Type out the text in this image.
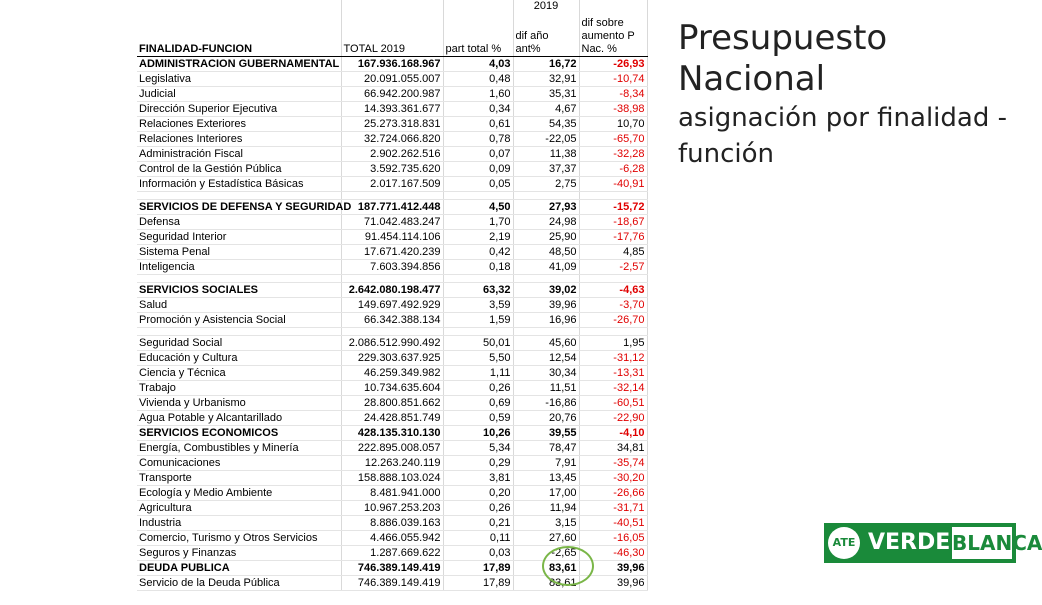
Presupuesto Nacional
asignación por finalidad -
función
			2019	
FINALIDAD-FUNCION	TOTAL 2019	part total %	dif año ant%	dif sobre aumento P Nac. %
ADMINISTRACION GUBERNAMENTAL	167.936.168.967	4,03	16,72	-26,93
Legislativa	20.091.055.007	0,48	32,91	-10,74
Judicial	66.942.200.987	1,60	35,31	-8,34
Dirección Superior Ejecutiva	14.393.361.677	0,34	4,67	-38,98
Relaciones Exteriores	25.273.318.831	0,61	54,35	10,70
Relaciones Interiores	32.724.066.820	0,78	-22,05	-65,70
Administración Fiscal	2.902.262.516	0,07	11,38	-32,28
Control de la Gestión Pública	3.592.735.620	0,09	37,37	-6,28
Información y Estadística Básicas	2.017.167.509	0,05	2,75	-40,91

SERVICIOS DE DEFENSA Y SEGURIDAD	187.771.412.448	4,50	27,93	-15,72
Defensa	71.042.483.247	1,70	24,98	-18,67
Seguridad Interior	91.454.114.106	2,19	25,90	-17,76
Sistema Penal	17.671.420.239	0,42	48,50	4,85
Inteligencia	7.603.394.856	0,18	41,09	-2,57

SERVICIOS SOCIALES	2.642.080.198.477	63,32	39,02	-4,63
Salud	149.697.492.929	3,59	39,96	-3,70
Promoción y Asistencia Social	66.342.388.134	1,59	16,96	-26,70

Seguridad Social	2.086.512.990.492	50,01	45,60	1,95
Educación y Cultura	229.303.637.925	5,50	12,54	-31,12
Ciencia y Técnica	46.259.349.982	1,11	30,34	-13,31
Trabajo	10.734.635.604	0,26	11,51	-32,14
Vivienda y Urbanismo	28.800.851.662	0,69	-16,86	-60,51
Agua Potable y Alcantarillado	24.428.851.749	0,59	20,76	-22,90
SERVICIOS ECONOMICOS	428.135.310.130	10,26	39,55	-4,10
Energía, Combustibles y Minería	222.895.008.057	5,34	78,47	34,81
Comunicaciones	12.263.240.119	0,29	7,91	-35,74
Transporte	158.888.103.024	3,81	13,45	-30,20
Ecología y Medio Ambiente	8.481.941.000	0,20	17,00	-26,66
Agricultura	10.967.253.203	0,26	11,94	-31,71
Industria	8.886.039.163	0,21	3,15	-40,51
Comercio, Turismo y Otros Servicios	4.466.055.942	0,11	27,60	-16,05
Seguros y Finanzas	1.287.669.622	0,03	-2,65	-46,30
DEUDA PUBLICA	746.389.149.419	17,89	83,61	39,96
Servicio de la Deuda Pública	746.389.149.419	17,89	83,61	39,96
ATE VERDE BLANCA
